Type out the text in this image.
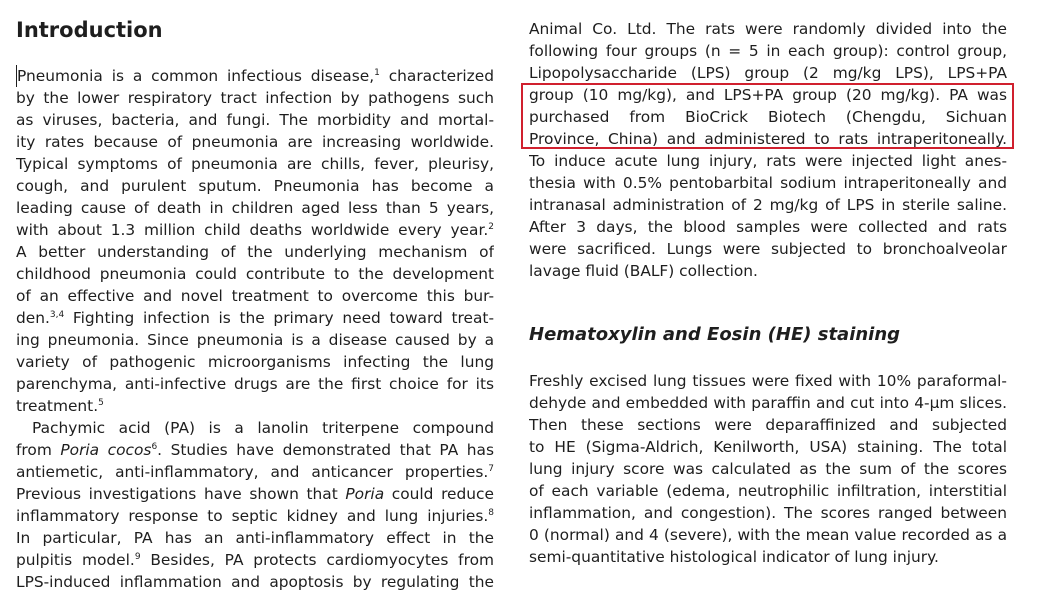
Introduction
Pneumonia is a common infectious disease,$^1$ characterized
by the lower respiratory tract infection by pathogens such
as viruses, bacteria, and fungi. The morbidity and mortal-
ity rates because of pneumonia are increasing worldwide.
Typical symptoms of pneumonia are chills, fever, pleurisy,
cough, and purulent sputum. Pneumonia has become a
leading cause of death in children aged less than 5 years,
with about 1.3 million child deaths worldwide every year.$^2$
A better understanding of the underlying mechanism of
childhood pneumonia could contribute to the development
of an effective and novel treatment to overcome this bur-
den.$^{3,4}$ Fighting infection is the primary need toward treat-
ing pneumonia. Since pneumonia is a disease caused by a
variety of pathogenic microorganisms infecting the lung
parenchyma, anti-infective drugs are the first choice for its
treatment.$^5$
Pachymic acid (PA) is a lanolin triterpene compound
from Poria cocos$^6$. Studies have demonstrated that PA has
antiemetic, anti-inflammatory, and anticancer properties.$^7$
Previous investigations have shown that Poria could reduce
inflammatory response to septic kidney and lung injuries.$^8$
In particular, PA has an anti-inflammatory effect in the
pulpitis model.$^9$ Besides, PA protects cardiomyocytes from
LPS-induced inflammation and apoptosis by regulating the
Animal Co. Ltd. The rats were randomly divided into the
following four groups (n = 5 in each group): control group,
Lipopolysaccharide (LPS) group (2 mg/kg LPS), LPS+PA
group (10 mg/kg), and LPS+PA group (20 mg/kg). PA was
purchased from BioCrick Biotech (Chengdu, Sichuan
Province, China) and administered to rats intraperitoneally.
To induce acute lung injury, rats were injected light anes-
thesia with 0.5% pentobarbital sodium intraperitoneally and
intranasal administration of 2 mg/kg of LPS in sterile saline.
After 3 days, the blood samples were collected and rats
were sacrificed. Lungs were subjected to bronchoalveolar
lavage fluid (BALF) collection.
Hematoxylin and Eosin (HE) staining
Freshly excised lung tissues were fixed with 10% paraformal-
dehyde and embedded with paraffin and cut into 4-μm slices.
Then these sections were deparaffinized and subjected
to HE (Sigma-Aldrich, Kenilworth, USA) staining. The total
lung injury score was calculated as the sum of the scores
of each variable (edema, neutrophilic infiltration, interstitial
inflammation, and congestion). The scores ranged between
0 (normal) and 4 (severe), with the mean value recorded as a
semi-quantitative histological indicator of lung injury.
